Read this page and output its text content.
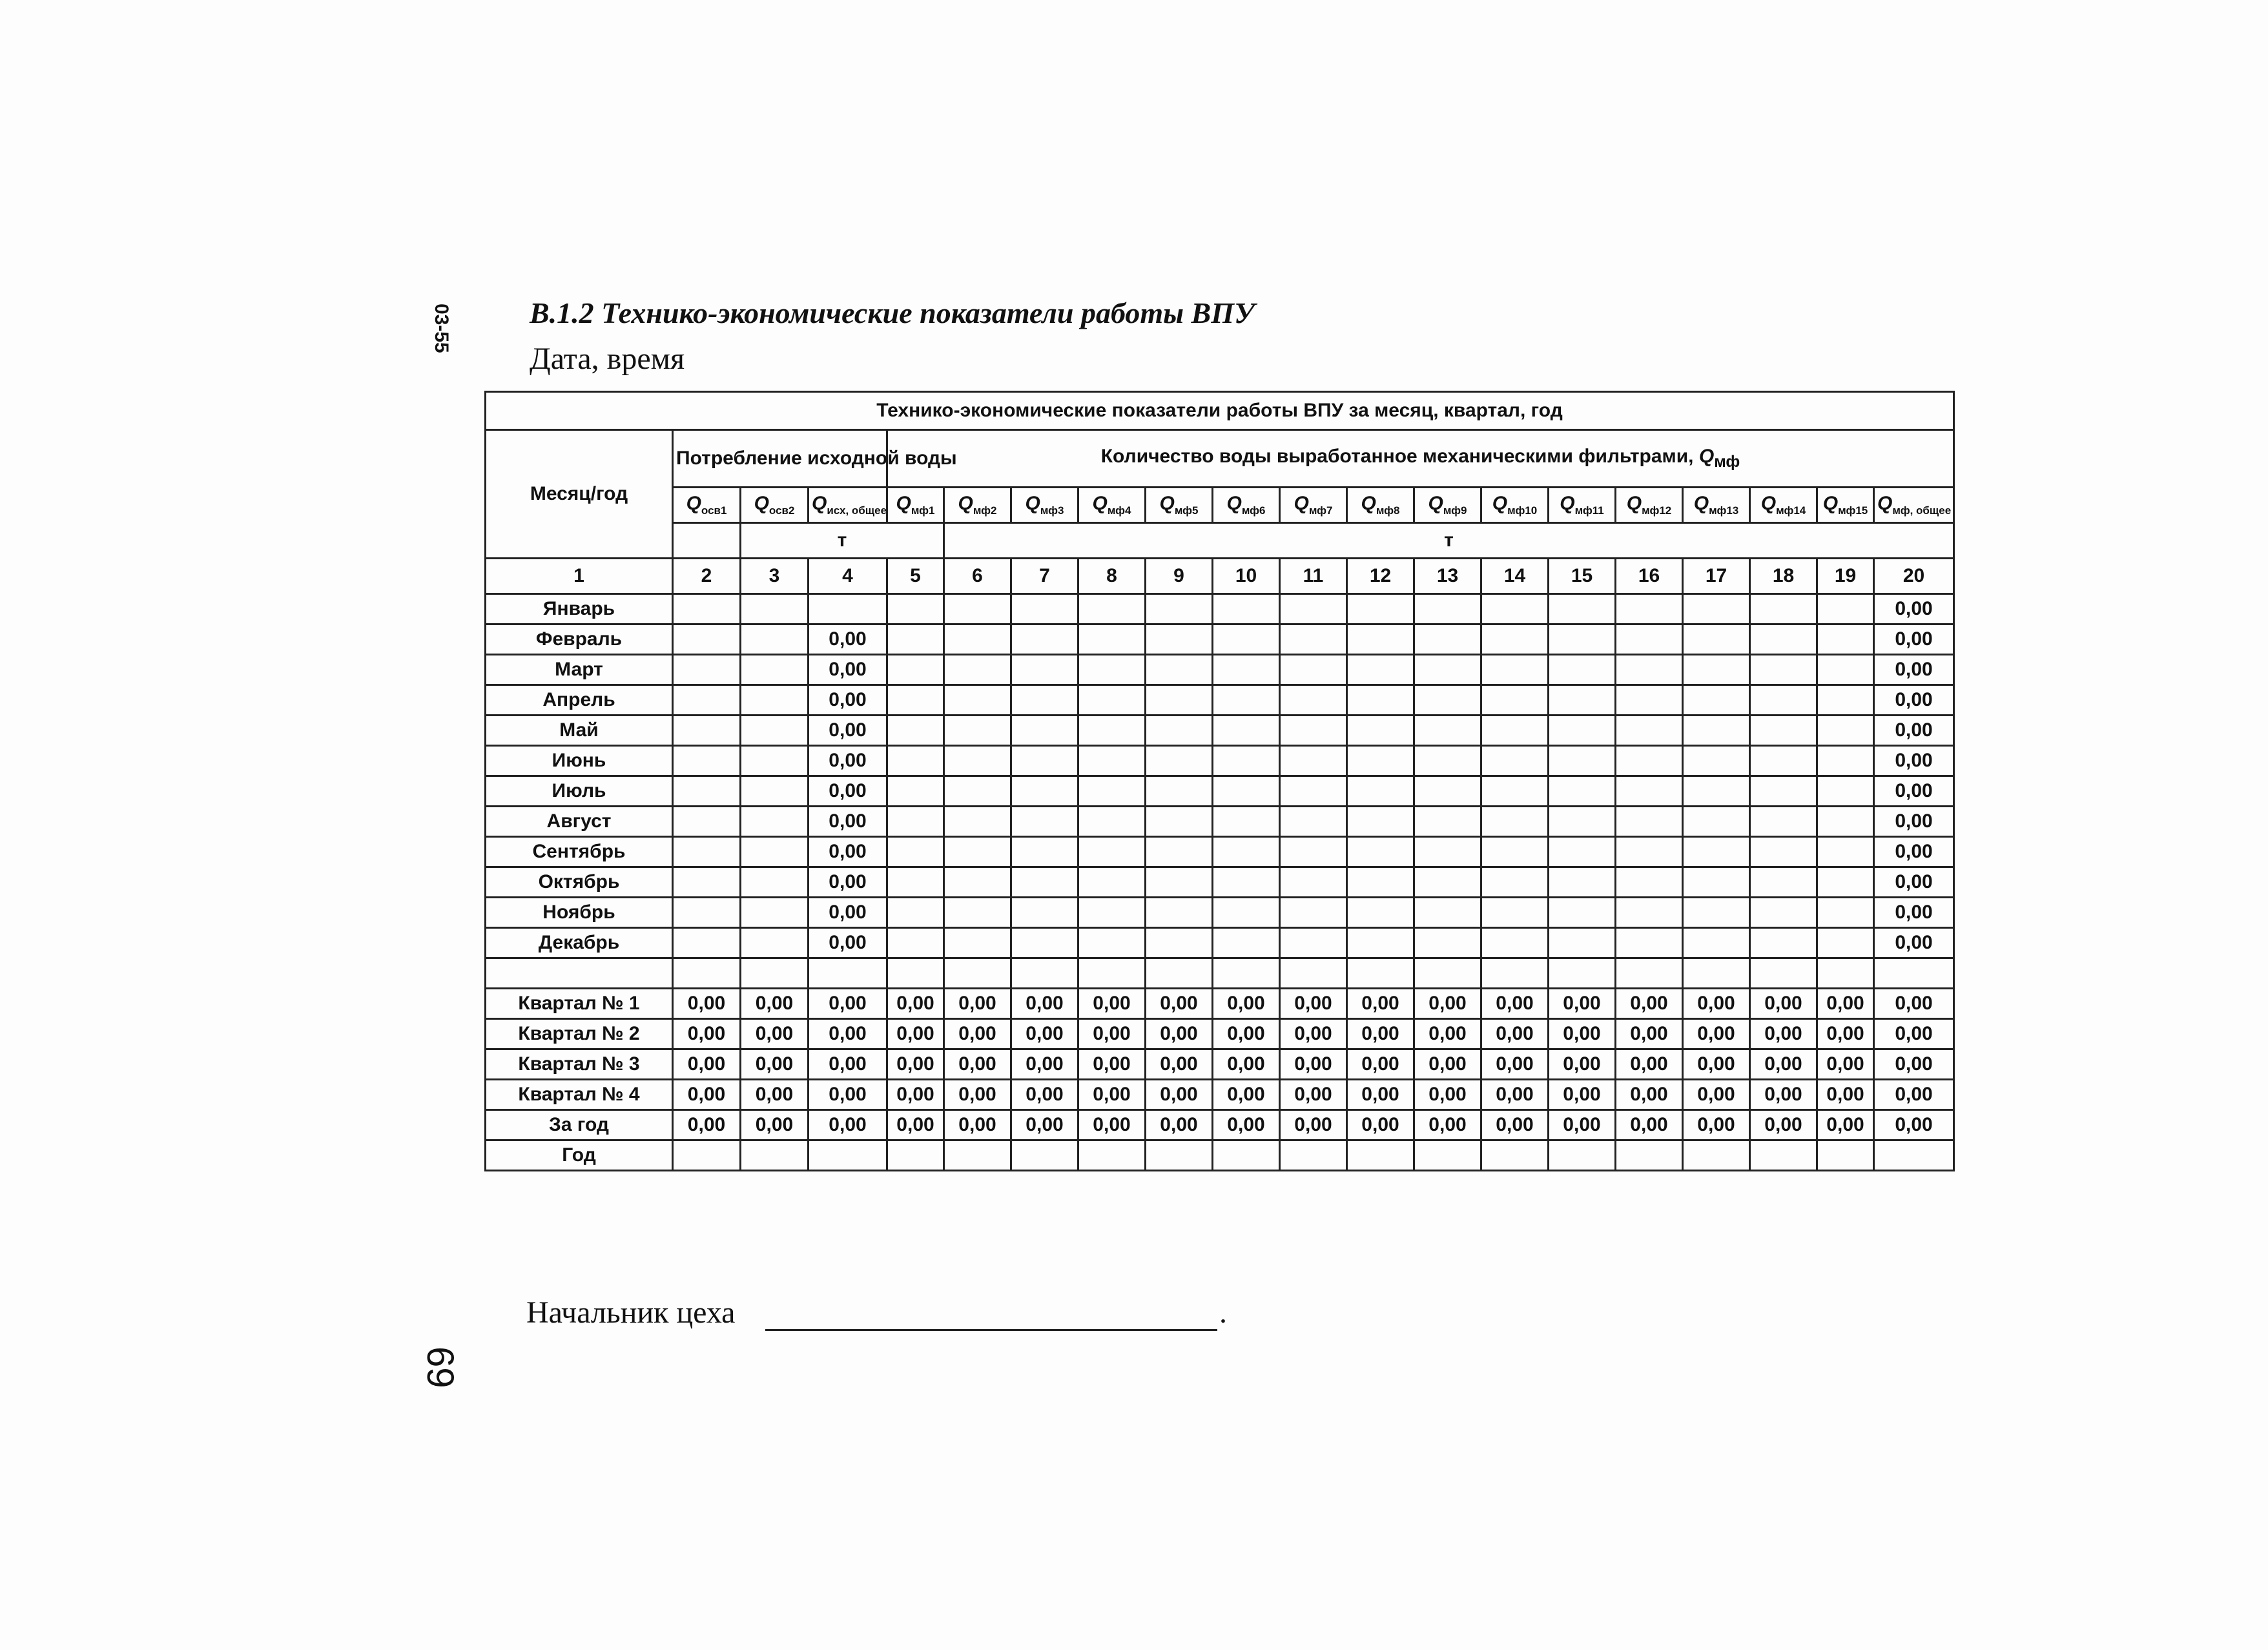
03-55
69
В.1.2 Технико-экономические показатели работы ВПУ
Дата, время
Технико-экономические показатели работы ВПУ за месяц, квартал, год																			
Месяц/год	Потребление исходной воды			Количество воды выработанное механическими фильтрами, $Q_{мф}$
	$Q_{осв1}$	$Q_{осв2}$	$Q_{исх, общее}$	$Q_{мф1}$	$Q_{мф2}$	$Q_{мф3}$	$Q_{мф4}$	$Q_{мф5}$	$Q_{мф6}$	$Q_{мф7}$	$Q_{мф8}$	$Q_{мф9}$	$Q_{мф10}$	$Q_{мф11}$	$Q_{мф12}$	$Q_{мф13}$	$Q_{мф14}$	$Q_{мф15}$	$Q_{мф, общее}$
		т			т														
1	2	3	4	5	6	7	8	9	10	11	12	13	14	15	16	17	18	19	20
Январь																			0,00
Февраль			0,00																0,00
Март			0,00																0,00
Апрель			0,00																0,00
Май			0,00																0,00
Июнь			0,00																0,00
Июль			0,00																0,00
Август			0,00																0,00
Сентябрь			0,00																0,00
Октябрь			0,00																0,00
Ноябрь			0,00																0,00
Декабрь			0,00																0,00

Квартал № 1	0,00	0,00	0,00	0,00	0,00	0,00	0,00	0,00	0,00	0,00	0,00	0,00	0,00	0,00	0,00	0,00	0,00	0,00	0,00
Квартал № 2	0,00	0,00	0,00	0,00	0,00	0,00	0,00	0,00	0,00	0,00	0,00	0,00	0,00	0,00	0,00	0,00	0,00	0,00	0,00
Квартал № 3	0,00	0,00	0,00	0,00	0,00	0,00	0,00	0,00	0,00	0,00	0,00	0,00	0,00	0,00	0,00	0,00	0,00	0,00	0,00
Квартал № 4	0,00	0,00	0,00	0,00	0,00	0,00	0,00	0,00	0,00	0,00	0,00	0,00	0,00	0,00	0,00	0,00	0,00	0,00	0,00
За год	0,00	0,00	0,00	0,00	0,00	0,00	0,00	0,00	0,00	0,00	0,00	0,00	0,00	0,00	0,00	0,00	0,00	0,00	0,00
Год																			
Начальник цеха	.
